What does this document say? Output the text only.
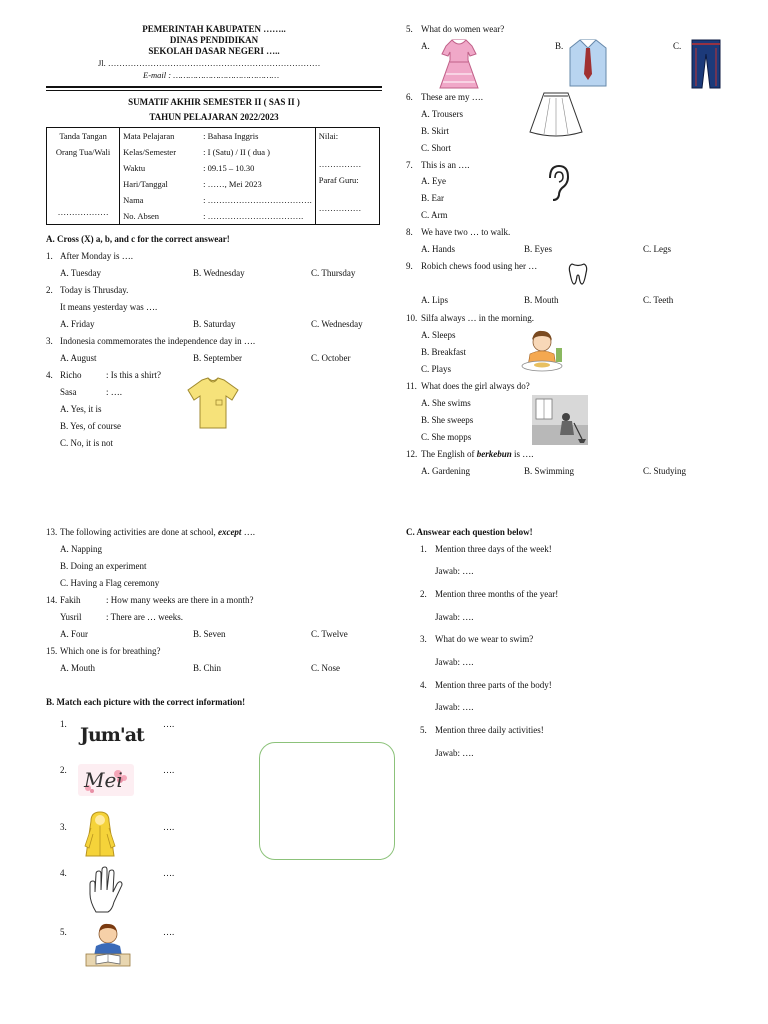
PEMERINTAH KABUPATEN ……..
DINAS PENDIDIKAN
SEKOLAH DASAR NEGERI …..
Jl. …………………………………………………………………
E-mail : ……………………………………
SUMATIF AKHIR SEMESTER II ( SAS II )
TAHUN PELAJARAN 2022/2023
Tanda Tangan
Orang Tua/Wali
………………

Mata Pelajaran	: Bahasa Inggris
Kelas/Semester	: I (Satu) / II ( dua )
Waktu	: 09.15 – 10.30
Hari/Tanggal	: ……, Mei 2023
Nama	: ……………………………….
No. Absen	: …………………………….

Nilai:
……………
Paraf Guru:
……………
A. Cross (X) a, b, and c for the correct answear!
1. After Monday is ….
A. Tuesday	B. Wednesday	C. Thursday
2. Today is Thrusday.
It means yesterday was ….
A. Friday	B. Saturday	C. Wednesday
3. Indonesia commemorates the independence day in ….
A. August	B. September	C. October
4. Richo	: Is this a shirt?
Sasa	: ….
A. Yes, it is
B. Yes, of course
C. No, it is not
13. The following activities are done at school, except ….
A. Napping
B. Doing an experiment
C. Having a Flag ceremony
14. Fakih	: How many weeks are there in a month?
Yusril	: There are … weeks.
A. Four	B. Seven	C. Twelve
15. Which one is for breathing?
A. Mouth	B. Chin	C. Nose
5. What do women wear?
A.	B.	C.
6. These are my ….
A. Trousers
B. Skirt
C. Short
7. This is an ….
A. Eye
B. Ear
C. Arm
8. We have two … to walk.
A. Hands	B. Eyes	C. Legs
9. Robich chews food using her …
A. Lips	B. Mouth	C. Teeth
10. Silfa always … in the morning.
A. Sleeps
B. Breakfast
C. Plays
11. What does the girl always do?
A. She swims
B. She sweeps
C. She mopps
12. The English of berkebun is ….
A. Gardening	B. Swimming	C. Studying
B. Match each picture with the correct information!
1. Jum'at ….
2. Mei	….
3.	….
4.	….
5.	….
C. Answear each question below!
1. Mention three days of the week!
Jawab: ….
2. Mention three months of the year!
Jawab: ….
3. What do we wear to swim?
Jawab: ….
4. Mention three parts of the body!
Jawab: ….
5. Mention three daily activities!
Jawab: ….
